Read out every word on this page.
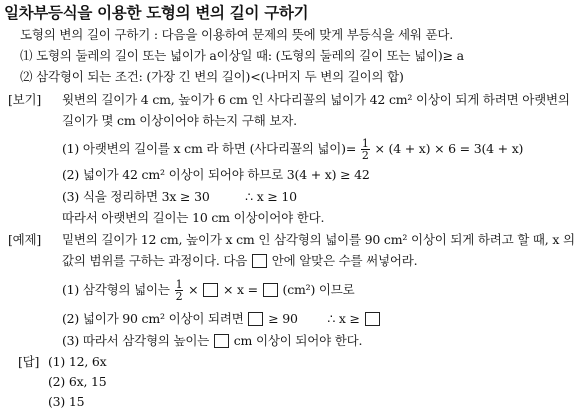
일차부등식을 이용한 도형의 변의 길이 구하기
도형의 변의 길이 구하기 : 다음을 이용하여 문제의 뜻에 맞게 부등식을 세워 푼다.
⑴ 도형의 둘레의 길이 또는 넓이가 a이상일 때: (도형의 둘레의 길이 또는 넓이)≥ a
⑵ 삼각형이 되는 조건: (가장 긴 변의 길이)<(나머지 두 변의 길이의 합)
[보기] 윗변의 길이가 4 cm, 높이가 6 cm 인 사다리꼴의 넓이가 42 cm² 이상이 되게 하려면 아랫변의
길이가 몇 cm 이상이어야 하는지 구해 보자.
(1) 아랫변의 길이를 x cm 라 하면 (사다리꼴의 넓이)= $\frac{1}{2} \times (4 + x) \times 6 = 3(4 + x)$
(2) 넓이가 42 cm² 이상이 되어야 하므로 3(4 + x) ≥ 42
(3) 식을 정리하면 3x ≥ 30	∴ x ≥ 10
따라서 아랫변의 길이는 10 cm 이상이어야 한다.
[예제] 밑변의 길이가 12 cm, 높이가 x cm 인 삼각형의 넓이를 90 cm² 이상이 되게 하려고 할 때, x 의
값의 범위를 구하는 과정이다. 다음 안에 알맞은 수를 써넣어라.
(1) 삼각형의 넓이는 $\frac{1}{2}$ × × x = (cm²) 이므로
(2) 넓이가 90 cm² 이상이 되려면 ≥ 90 ∴ x ≥
(3) 따라서 삼각형의 높이는 cm 이상이 되어야 한다.
[답] (1) 12, 6x
(2) 6x, 15
(3) 15
